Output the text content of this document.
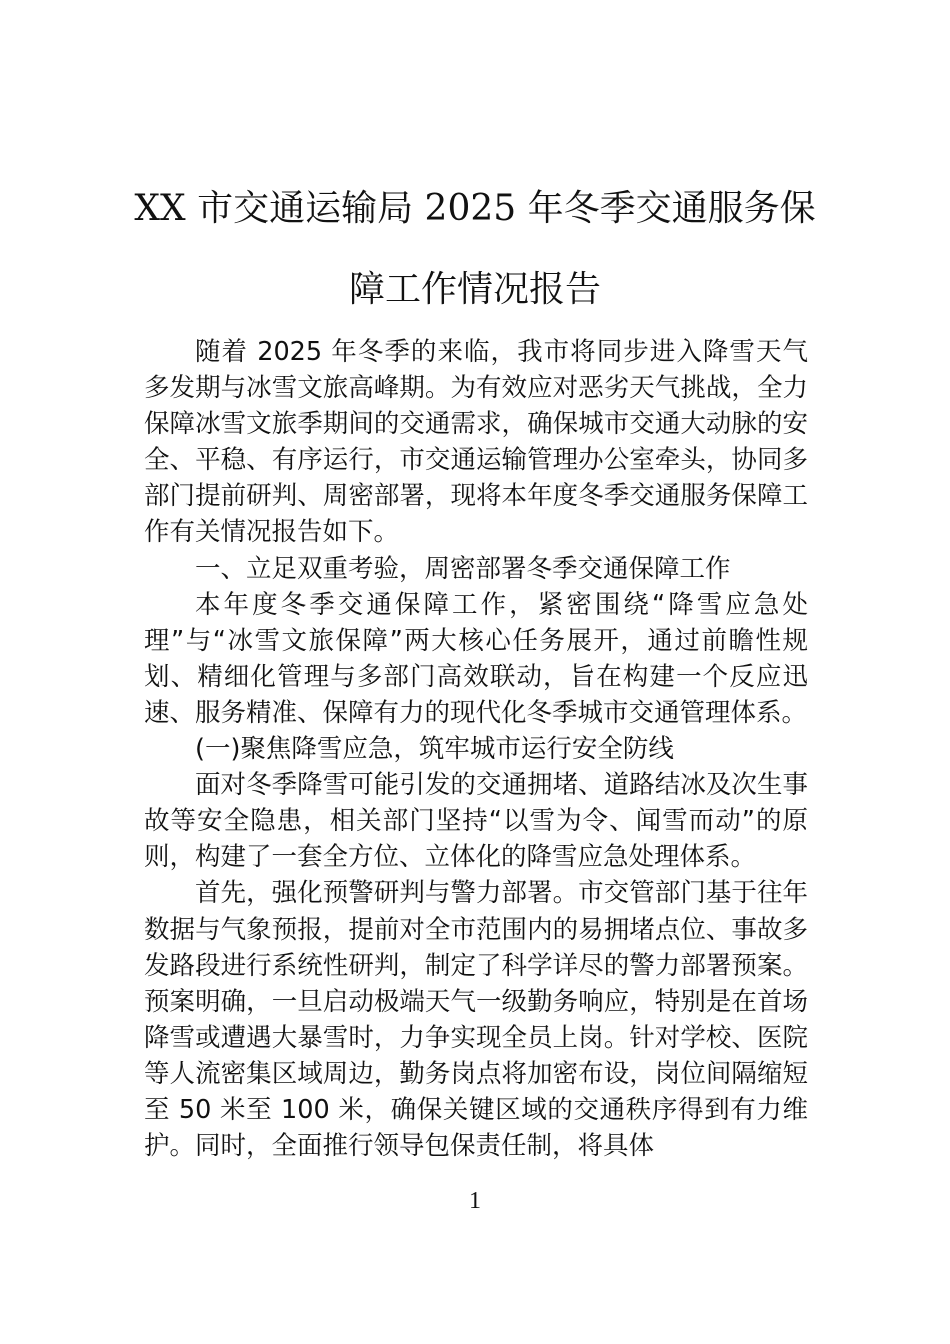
XX 市交通运输局 2025 年冬季交通服务保障工作情况报告

随着 2025 年冬季的来临，我市将同步进入降雪天气多发期与冰雪文旅高峰期。为有效应对恶劣天气挑战，全力保障冰雪文旅季期间的交通需求，确保城市交通大动脉的安全、平稳、有序运行，市交通运输管理办公室牵头，协同多部门提前研判、周密部署，现将本年度冬季交通服务保障工作有关情况报告如下。

一、立足双重考验，周密部署冬季交通保障工作

本年度冬季交通保障工作，紧密围绕“降雪应急处理”与“冰雪文旅保障”两大核心任务展开，通过前瞻性规划、精细化管理与多部门高效联动，旨在构建一个反应迅速、服务精准、保障有力的现代化冬季城市交通管理体系。

(一)聚焦降雪应急，筑牢城市运行安全防线

面对冬季降雪可能引发的交通拥堵、道路结冰及次生事故等安全隐患，相关部门坚持“以雪为令、闻雪而动”的原则，构建了一套全方位、立体化的降雪应急处理体系。

首先，强化预警研判与警力部署。市交管部门基于往年数据与气象预报，提前对全市范围内的易拥堵点位、事故多发路段进行系统性研判，制定了科学详尽的警力部署预案。预案明确，一旦启动极端天气一级勤务响应，特别是在首场降雪或遭遇大暴雪时，力争实现全员上岗。针对学校、医院等人流密集区域周边，勤务岗点将加密布设，岗位间隔缩短至 50 米至 100 米，确保关键区域的交通秩序得到有力维护。同时，全面推行领导包保责任制，将具体

1
